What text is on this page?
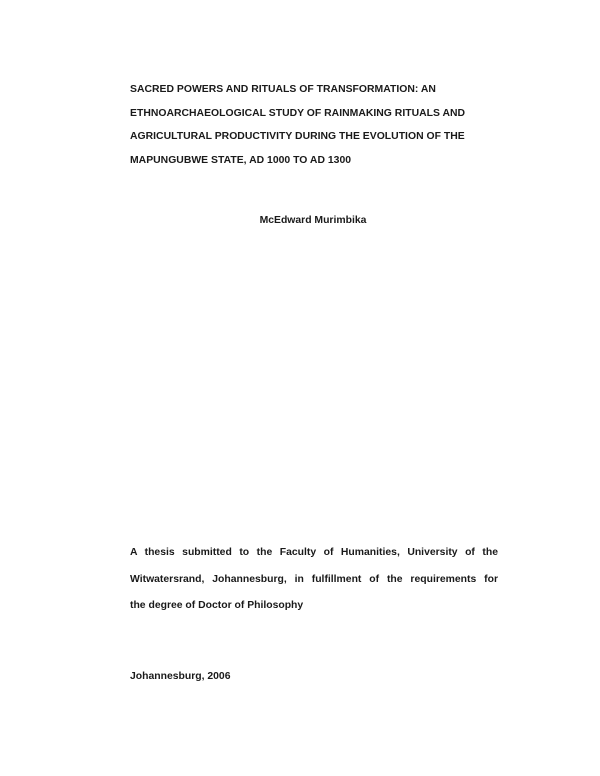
SACRED POWERS AND RITUALS OF TRANSFORMATION: AN
ETHNOARCHAEOLOGICAL STUDY OF RAINMAKING RITUALS AND
AGRICULTURAL PRODUCTIVITY DURING THE EVOLUTION OF THE
MAPUNGUBWE STATE, AD 1000 TO AD 1300
McEdward Murimbika
A thesis submitted to the Faculty of Humanities, University of the
Witwatersrand, Johannesburg, in fulfillment of the requirements for
the degree of Doctor of Philosophy
Johannesburg, 2006
